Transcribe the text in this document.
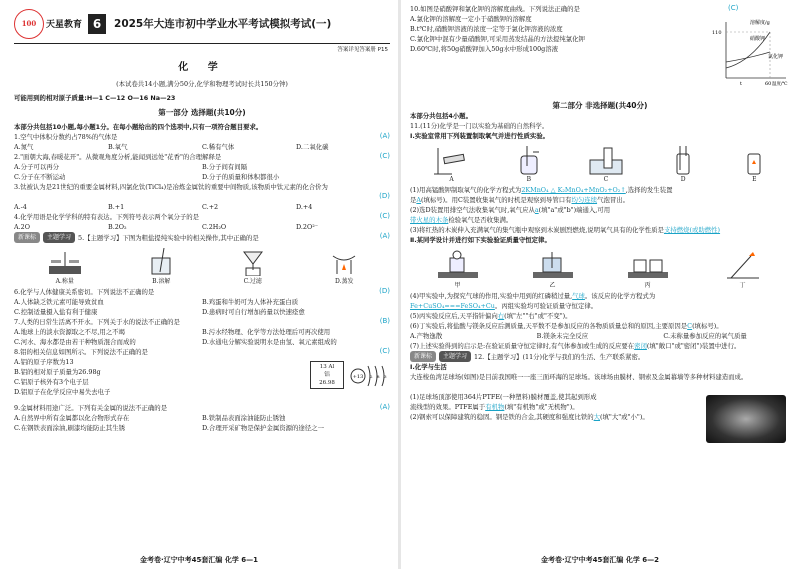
100	天星教育 6	2025年大连市初中学业水平考试模拟考试(一)
答案详见答案册 P15
化 学
(本试卷共14小题,满分50分,化学和物理考试时长共150分钟)
可能用到的相对原子质量:H—1 C—12 O—16 Na—23
第一部分 选择题(共10分)
本部分共包括10小题,每小题1分。在每小题给出的四个选项中,只有一项符合题目要求。
1.空气中体积分数约占78%的气体是	(A)
A.氮气	B.氧气	C.稀有气体	D.二氧化碳
2."面朝大海,春暖花开"。从微观角度分析,能闻到远处"花香"的合理解释是	(C)
A.分子可以再分	B.分子间有间隔
C.分子在不断运动	D.分子的质量和体积都很小
3.钛被认为是21世纪的重要金属材料,四氯化钛(TiCl₄)是冶炼金属钛的重要中间物质,该物质中钛元素的化合价为
(D)
A.-4	B.+1	C.+2	D.+4
4.化学用语是化学学科的特有表达。下列符号表示两个氧分子的是	(C)
A.2O	B.2O₂	C.2H₂O	D.2O²⁻
新课标	主题学习	5.【主题学习】下图为粗盐提纯实验中的相关操作,其中正确的是	(A)
A.称量	B.溶解	C.过滤	D.蒸发
6.化学与人体健康关系密切。下列说法不正确的是	(D)
A.人体缺乏铁元素可能导致贫血	B.鸡蛋和牛奶可为人体补充蛋白质
C.控制适量摄入盐有利于健康	D.患病时可自行增加药量以快速痊愈
7.人类的日常生活离不开水。下列关于水的说法不正确的是	(B)
A.地球上的淡水资源取之不尽,用之不竭	B.污水经物理、化学等方法处理后可再次使用
C.河水、海水都是由若干种物质混合而成的	D.水通电分解实验说明水是由氢、氧元素组成的
8.铝的相关信息如图所示。下列说法不正确的是	(C)
A.铝的原子序数为13
B.铝的相对原子质量为26.98g
C.铝原子核外有3个电子层
D.铝原子在化学反应中易失去电子
13 Al
铝
26.98
+13 2 8 3
9.金属材料用途广泛。下列有关金属的说法不正确的是	(A)
A.自然界中所有金属都以化合物形式存在	B.铁制品表面涂油能防止锈蚀
C.在钢铁表面涂油,刷漆均能防止其生锈	D.合理开采矿物是保护金属资源的途径之一
金考卷·辽宁中考45套汇编 化学 6—1
10.如图是硝酸钾和氯化钾的溶解度曲线。下列说法正确的是	(C)
A.氯化钾的溶解度一定小于硝酸钾的溶解度
B.t℃时,硝酸钾溶液的浓度一定等于氯化钾溶液的浓度
C.氯化钾中混有少量硝酸钾,可采用蒸发结晶的方法提纯氯化钾
D.60℃时,将50g硝酸钾加入50g水中形成100g溶液
溶解度/g
110
硝酸钾
氯化钾
t	60 温度/℃
第二部分 非选择题(共40分)
本部分共包括4小题。
11.(11分)化学是一门以实验为基础的自然科学。
Ⅰ.实验室常用下列装置制取氧气并进行性质实验。
A	B	C	D	E
(1)用高锰酸钾制取氧气的化学方程式为2KMnO₄ △ K₂MnO₄+MnO₂+O₂↑,选择的发生装置
是A(填标号)。用C装置收集氧气的时机是观察到导管口有均匀连续气泡冒出。
(2)选D装置用排空气法收集氧气时,氧气应从a(填"a"或"b")端通入,可用
带火星的木条检验氧气是否收集满。
(3)将红热的木炭伸入充满氧气的集气瓶中观察到木炭剧烈燃烧,说明氧气具有的化学性质是支持燃烧(或助燃性)
Ⅱ.某同学设计并进行如下实验验证质量守恒定律。
甲	乙	丙	丁
(4)甲实验中,为探究气球的作用,实验中用到的红磷稍过量,气球。该反应的化学方程式为
Fe+CuSO₄===FeSO₄+Cu。丙组实验均可验证质量守恒定律。
(5)丙实验反应后,天平指针偏向右(填"左""右"或"不变")。
(6)丁实验后,将盐酸与镁条反应后测质量,天平数不是参加反应的各物质质量总和的原因,主要原因是C(填标号)。
A.产物逸散	B.镁条未完全反应	C.未称量参加反应的氧气质量
(7)上述实验得到的启示是:在验证质量守恒定律时,有气体参加或生成的反应要在密闭(填"敞口"或"密闭")装置中进行。
新课标	主题学习	12.【主题学习】(11分)化学与我们的生活、生产联系紧密。
Ⅰ.化学与生活
大连梭鱼湾足球场(如图)是目前我国唯一一座三面环海的足球场。该球场由膜材、钢索及金属幕墙等多种材料建造而成。
(1)足球场顶部使用364片PTFE(一种塑料)膜材覆盖,使其起到形成
流线型的效果。PTFE属于有机物(填"有机物"或"无机物")。
(2)钢索可以保障建筑的稳固。钢是铁的合金,其硬度和强度比铁的大(填"大"或"小")。
金考卷·辽宁中考45套汇编 化学 6—2
